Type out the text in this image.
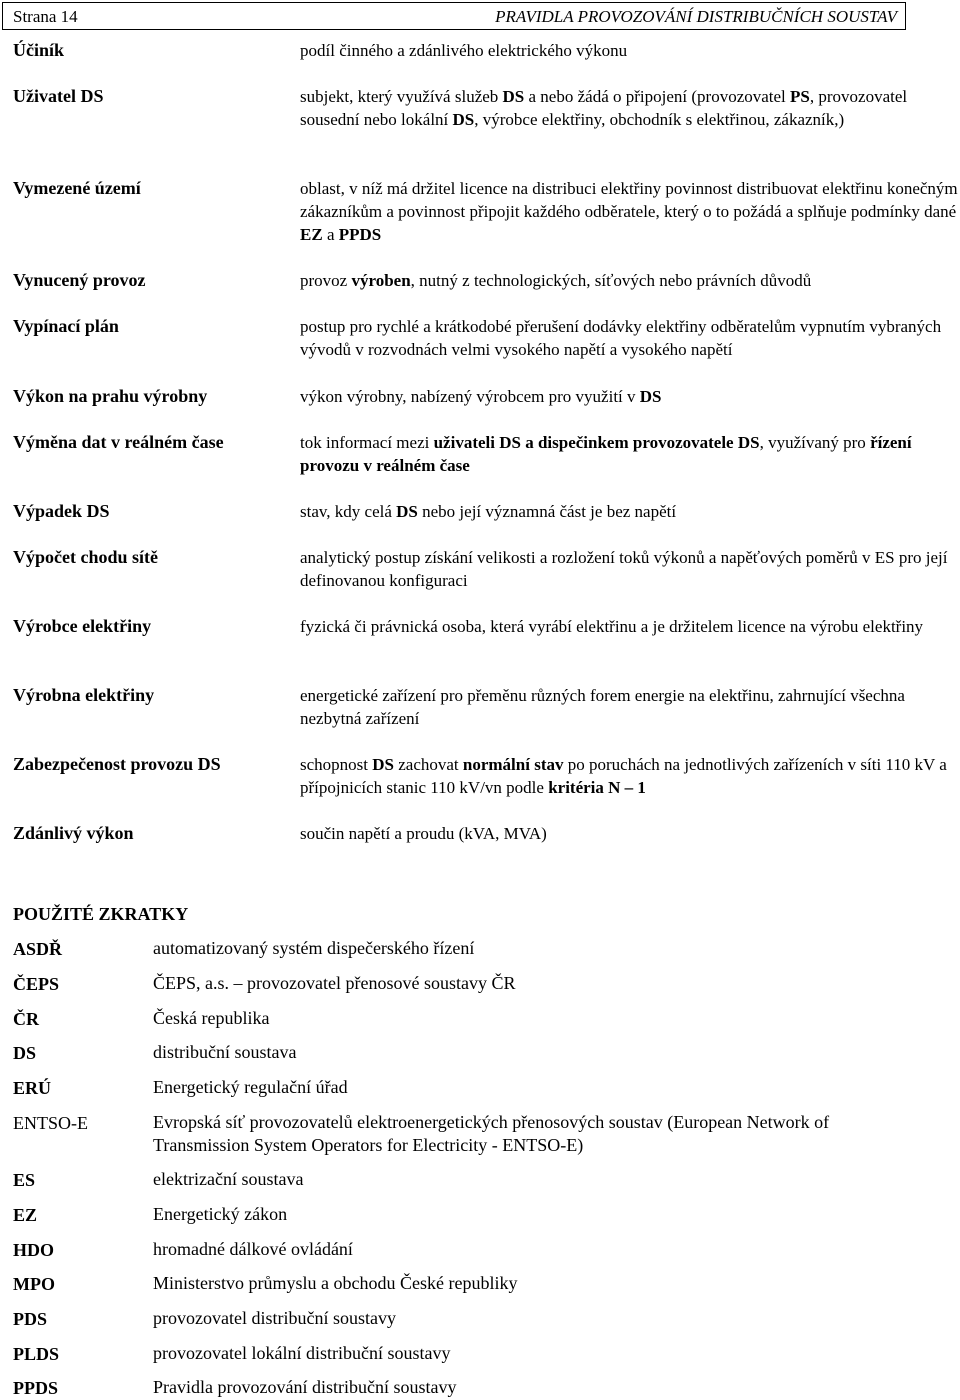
Strana 14	PRAVIDLA PROVOZOVÁNÍ DISTRIBUČNÍCH SOUSTAV
Účiník	podíl činného a zdánlivého elektrického výkonu
Uživatel DS	subjekt, který využívá služeb DS a nebo žádá o připojení (provozovatel PS, provozovatel sousední nebo lokální DS, výrobce elektřiny, obchodník s elektřinou, zákazník,)
Vymezené území	oblast, v níž má držitel licence na distribuci elektřiny povinnost distribuovat elektřinu konečným zákazníkům a povinnost připojit každého odběratele, který o to požádá a splňuje podmínky dané EZ a PPDS
Vynucený provoz	provoz výroben, nutný z technologických, síťových nebo právních důvodů
Vypínací plán	postup pro rychlé a krátkodobé přerušení dodávky elektřiny odběratelům vypnutím vybraných vývodů v rozvodnách velmi vysokého napětí a vysokého napětí
Výkon na prahu výrobny	výkon výrobny, nabízený výrobcem pro využití v DS
Výměna dat v reálném čase	tok informací mezi uživateli DS a dispečinkem provozovatele DS, využívaný pro řízení provozu v reálném čase
Výpadek DS	stav, kdy celá DS nebo její významná část je bez napětí
Výpočet chodu sítě	analytický postup získání velikosti a rozložení toků výkonů a napěťových poměrů v ES pro její definovanou konfiguraci
Výrobce elektřiny	fyzická či právnická osoba, která vyrábí elektřinu a je držitelem licence na výrobu elektřiny
Výrobna elektřiny	energetické zařízení pro přeměnu různých forem energie na elektřinu, zahrnující všechna nezbytná zařízení
Zabezpečenost provozu DS	schopnost DS zachovat normální stav po poruchách na jednotlivých zařízeních v síti 110 kV a přípojnicích stanic 110 kV/vn podle kritéria N – 1
Zdánlivý výkon	součin napětí a proudu (kVA, MVA)
POUŽITÉ ZKRATKY
ASDŘ	automatizovaný systém dispečerského řízení
ČEPS	ČEPS, a.s. – provozovatel přenosové soustavy ČR
ČR	Česká republika
DS	distribuční soustava
ERÚ	Energetický regulační úřad
ENTSO-E	Evropská síť provozovatelů elektroenergetických přenosových soustav (European Network of Transmission System Operators for Electricity - ENTSO-E)
ES	elektrizační soustava
EZ	Energetický zákon
HDO	hromadné dálkové ovládání
MPO	Ministerstvo průmyslu a obchodu České republiky
PDS	provozovatel distribuční soustavy
PLDS	provozovatel lokální distribuční soustavy
PPDS	Pravidla provozování distribuční soustavy
